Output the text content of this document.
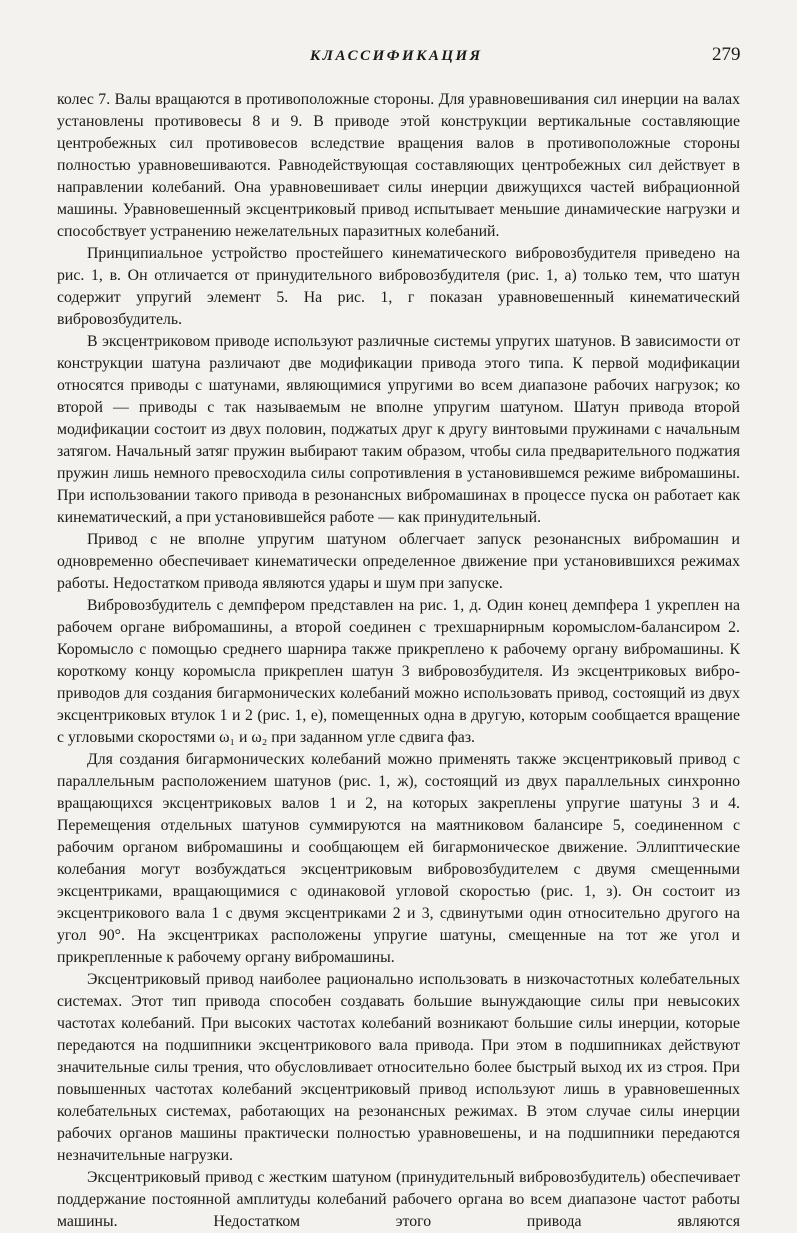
КЛАССИФИКАЦИЯ	279

колес 7. Валы вращаются в противоположные стороны. Для уравновешивания сил инерции на валах установлены противовесы 8 и 9. В приводе этой конструкции вертикальные составляющие центробежных сил противовесов вследствие вращения валов в противоположные стороны полностью уравновешиваются. Равнодействующая составляющих центробежных сил действует в направлении колебаний. Она уравновешивает силы инерции движущихся частей вибрационной машины. Уравновешенный эксцентриковый привод испытывает меньшие динамические нагрузки и способствует устранению нежелательных паразитных колебаний.

Принципиальное устройство простейшего кинематического вибровозбудителя приведено на рис. 1, в. Он отличается от принудительного вибровозбудителя (рис. 1, а) только тем, что шатун содержит упругий элемент 5. На рис. 1, г показан уравновешенный кинематический вибровозбудитель.

В эксцентриковом приводе используют различные системы упругих шатунов. В зависимости от конструкции шатуна различают две модификации привода этого типа. К первой модификации относятся приводы с шатунами, являющимися упругими во всем диапазоне рабочих нагрузок; ко второй — приводы с так называемым не вполне упругим шатуном. Шатун привода второй модификации состоит из двух половин, поджатых друг к другу винтовыми пружинами с начальным затягом. Начальный затяг пружин выбирают таким образом, чтобы сила предварительного поджатия пружин лишь немного превосходила силы сопротивления в установившемся режиме вибромашины. При использовании такого привода в резонансных вибромашинах в процессе пуска он работает как кинематический, а при установившейся работе — как принудительный.

Привод с не вполне упругим шатуном облегчает запуск резонансных вибромашин и одновременно обеспечивает кинематически определенное движение при установившихся режимах работы. Недостатком привода являются удары и шум при запуске.

Вибровозбудитель с демпфером представлен на рис. 1, д. Один конец демпфера 1 укреплен на рабочем органе вибромашины, а второй соединен с трехшарнирным коромыслом-балансиром 2. Коромысло с помощью среднего шарнира также прикреплено к рабочему органу вибромашины. К короткому концу коромысла прикреплен шатун 3 вибровозбудителя. Из эксцентриковых виброприводов для создания бигармонических колебаний можно использовать привод, состоящий из двух эксцентриковых втулок 1 и 2 (рис. 1, е), помещенных одна в другую, которым сообщается вращение с угловыми скоростями ω₁ и ω₂ при заданном угле сдвига фаз.

Для создания бигармонических колебаний можно применять также эксцентриковый привод с параллельным расположением шатунов (рис. 1, ж), состоящий из двух параллельных синхронно вращающихся эксцентриковых валов 1 и 2, на которых закреплены упругие шатуны 3 и 4. Перемещения отдельных шатунов суммируются на маятниковом балансире 5, соединенном с рабочим органом вибромашины и сообщающем ей бигармоническое движение. Эллиптические колебания могут возбуждаться эксцентриковым вибровозбудителем с двумя смещенными эксцентриками, вращающимися с одинаковой угловой скоростью (рис. 1, з). Он состоит из эксцентрикового вала 1 с двумя эксцентриками 2 и 3, сдвинутыми один относительно другого на угол 90°. На эксцентриках расположены упругие шатуны, смещенные на тот же угол и прикрепленные к рабочему органу вибромашины.

Эксцентриковый привод наиболее рационально использовать в низкочастотных колебательных системах. Этот тип привода способен создавать большие вынуждающие силы при невысоких частотах колебаний. При высоких частотах колебаний возникают большие силы инерции, которые передаются на подшипники эксцентрикового вала привода. При этом в подшипниках действуют значительные силы трения, что обусловливает относительно более быстрый выход их из строя. При повышенных частотах колебаний эксцентриковый привод используют лишь в уравновешенных колебательных системах, работающих на резонансных режимах. В этом случае силы инерции рабочих органов машины практически полностью уравновешены, и на подшипники передаются незначительные нагрузки.

Эксцентриковый привод с жестким шатуном (принудительный вибровозбудитель) обеспечивает поддержание постоянной амплитуды колебаний рабочего органа во всем диапазоне частот работы машины. Недостатком этого привода являются
